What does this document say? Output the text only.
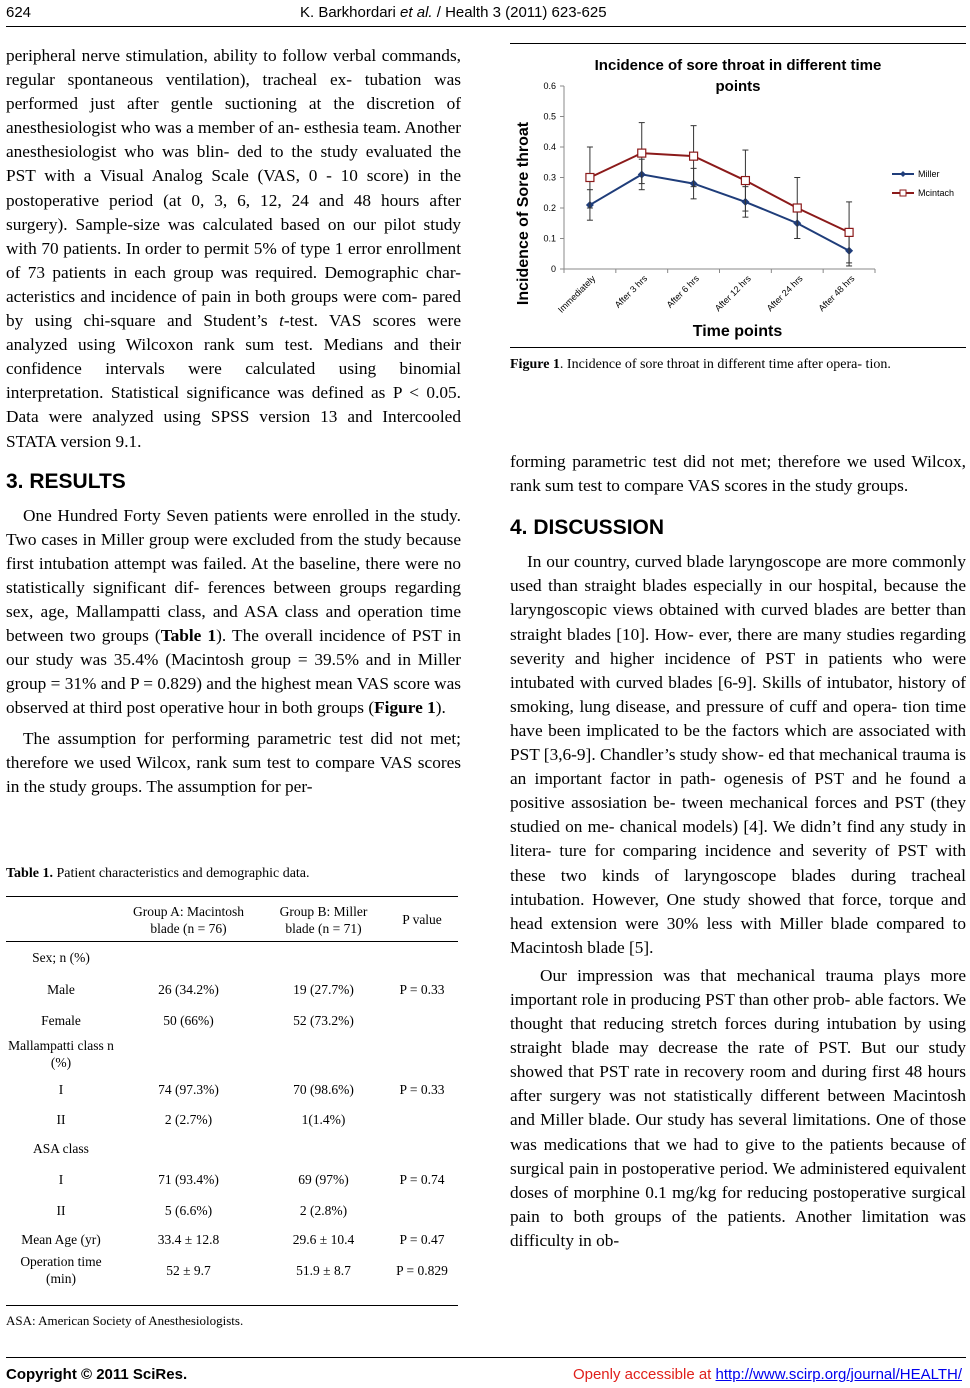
624	K. Barkhordari et al. / Health 3 (2011) 623-625

peripheral nerve stimulation, ability to follow verbal commands, regular spontaneous ventilation), tracheal ex- tubation was performed just after gentle suctioning at the discretion of anesthesiologist who was a member of an- esthesia team. Another anesthesiologist who was blin- ded to the study evaluated the PST with a Visual Analog Scale (VAS, 0 - 10 score) in the postoperative period (at 0, 3, 6, 12, 24 and 48 hours after surgery). Sample-size was calculated based on our pilot study with 70 patients. In order to permit 5% of type 1 error enrollment of 73 patients in each group was required. Demographic char- acteristics and incidence of pain in both groups were com- pared by using chi-square and Student’s t-test. VAS scores were analyzed using Wilcoxon rank sum test. Medians and their confidence intervals were calculated using binomial interpretation. Statistical significance was defined as P < 0.05. Data were analyzed using SPSS version 13 and Intercooled STATA version 9.1.

3. RESULTS

One Hundred Forty Seven patients were enrolled in the study. Two cases in Miller group were excluded from the study because first intubation attempt was failed. At the baseline, there were no statistically significant dif- ferences between groups regarding sex, age, Mallampatti class, and ASA class and operation time between two groups (Table 1). The overall incidence of PST in our study was 35.4% (Macintosh group = 39.5% and in Miller group = 31% and P = 0.829) and the highest mean VAS score was observed at third post operative hour in both groups (Figure 1).

The assumption for performing parametric test did not met; therefore we used Wilcox, rank sum test to compare VAS scores in the study groups. The assumption for per-

Table 1. Patient characteristics and demographic data.
	Group A: Macintosh blade (n = 76)	Group B: Miller blade (n = 71)	P value
Sex; n (%)			
Male	26 (34.2%)	19 (27.7%)	P = 0.33
Female	50 (66%)	52 (73.2%)	
Mallampatti class n (%)			
I	74 (97.3%)	70 (98.6%)	P = 0.33
II	2 (2.7%)	1(1.4%)	
ASA class			
I	71 (93.4%)	69 (97%)	P = 0.74
II	5 (6.6%)	2 (2.8%)	
Mean Age (yr)	33.4 ± 12.8	29.6 ± 10.4	P = 0.47
Operation time (min)	52 ± 9.7	51.9 ± 8.7	P = 0.829
ASA: American Society of Anesthesiologists.
Incidence of sore throat in different time points
0
0.1
0.2
0.3
0.4
0.5
0.6
Immediately After 3 hrs After 6 hrs After 12 hrs After 24 hrs After 48 hrs
Incidence of Sore throat
Time points
Miller
Mcintach
Figure 1. Incidence of sore throat in different time after opera- tion.

forming parametric test did not met; therefore we used Wilcox, rank sum test to compare VAS scores in the study groups.

4. DISCUSSION

In our country, curved blade laryngoscope are more commonly used than straight blades especially in our hospital, because the laryngoscopic views obtained with curved blades are better than straight blades [10]. How- ever, there are many studies regarding severity and higher incidence of PST in patients who were intubated with curved blades [6-9]. Skills of intubator, history of smoking, lung disease, and pressure of cuff and opera- tion time have been implicated to be the factors which are associated with PST [3,6-9]. Chandler’s study show- ed that mechanical trauma is an important factor in path- ogenesis of PST and he found a positive assosiation be- tween mechanical forces and PST (they studied on me- chanical models) [4]. We didn’t find any study in litera- ture for comparing incidence and severity of PST with these two kinds of laryngoscope blades during tracheal intubation. However, One study showed that force, torque and head extension were 30% less with Miller blade compared to Macintosh blade [5].

Our impression was that mechanical trauma plays more important role in producing PST than other prob- able factors. We thought that reducing stretch forces during intubation by using straight blade may decrease the rate of PST. But our study showed that PST rate in recovery room and during first 48 hours after surgery was not statistically different between Macintosh and Miller blade. Our study has several limitations. One of those was medications that we had to give to the patients because of surgical pain in postoperative period. We administered equivalent doses of morphine 0.1 mg/kg for reducing postoperative surgical pain to both groups of the patients. Another limitation was difficulty in ob-

Copyright © 2011 SciRes.	Openly accessible at http://www.scirp.org/journal/HEALTH/
